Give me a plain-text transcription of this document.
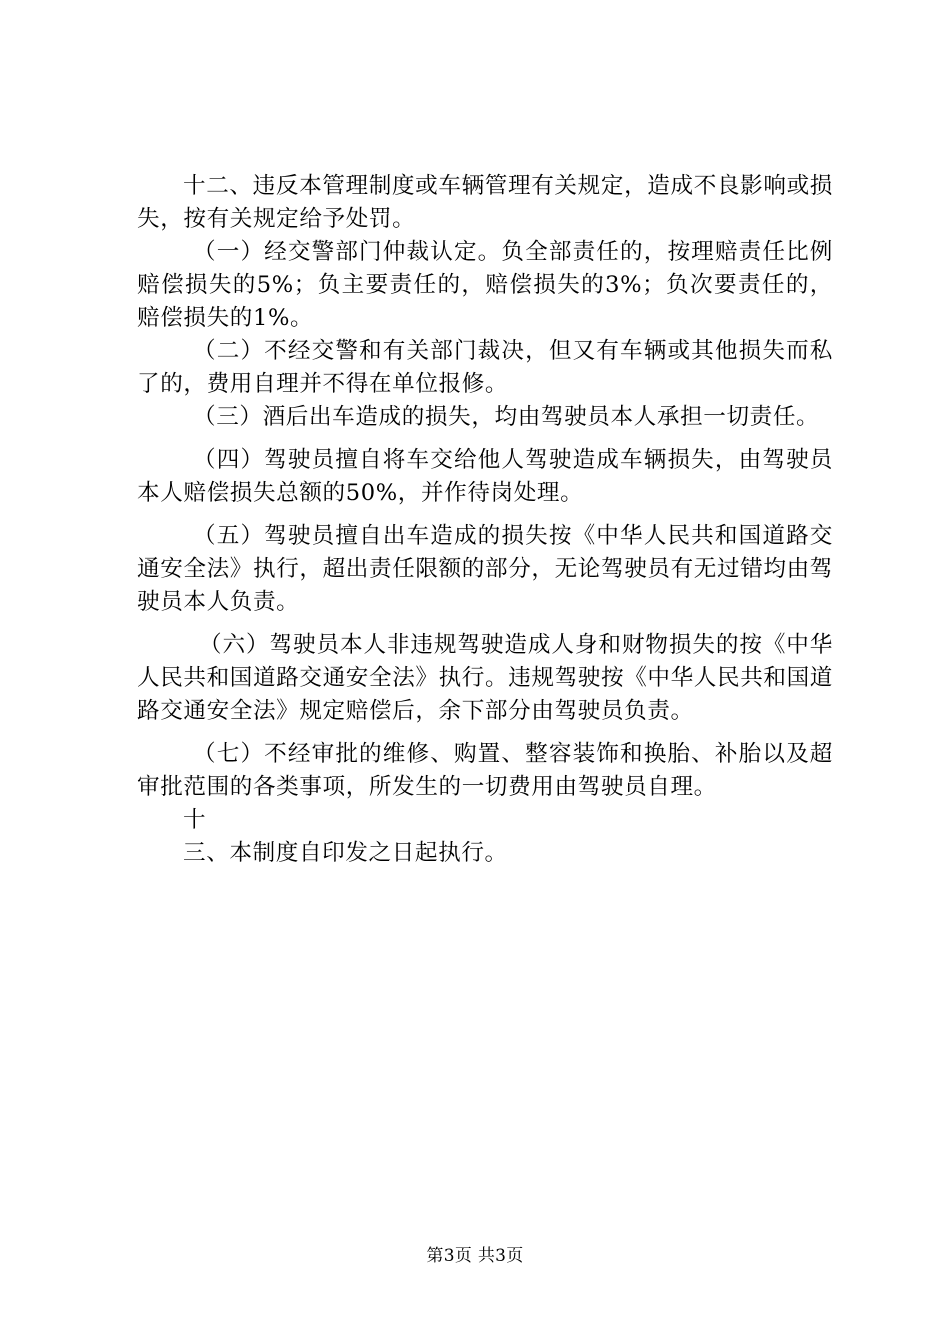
十二、违反本管理制度或车辆管理有关规定，造成不良影响或损失，按有关规定给予处罚。

（一）经交警部门仲裁认定。负全部责任的，按理赔责任比例赔偿损失的5%；负主要责任的，赔偿损失的3%；负次要责任的，赔偿损失的1%。

（二）不经交警和有关部门裁决，但又有车辆或其他损失而私了的，费用自理并不得在单位报修。

（三）酒后出车造成的损失，均由驾驶员本人承担一切责任。

（四）驾驶员擅自将车交给他人驾驶造成车辆损失，由驾驶员本人赔偿损失总额的50%，并作待岗处理。

（五）驾驶员擅自出车造成的损失按《中华人民共和国道路交通安全法》执行，超出责任限额的部分，无论驾驶员有无过错均由驾驶员本人负责。

（六）驾驶员本人非违规驾驶造成人身和财物损失的按《中华人民共和国道路交通安全法》执行。违规驾驶按《中华人民共和国道路交通安全法》规定赔偿后，余下部分由驾驶员负责。

（七）不经审批的维修、购置、整容装饰和换胎、补胎以及超审批范围的各类事项，所发生的一切费用由驾驶员自理。

十

三、本制度自印发之日起执行。

第3页 共3页
